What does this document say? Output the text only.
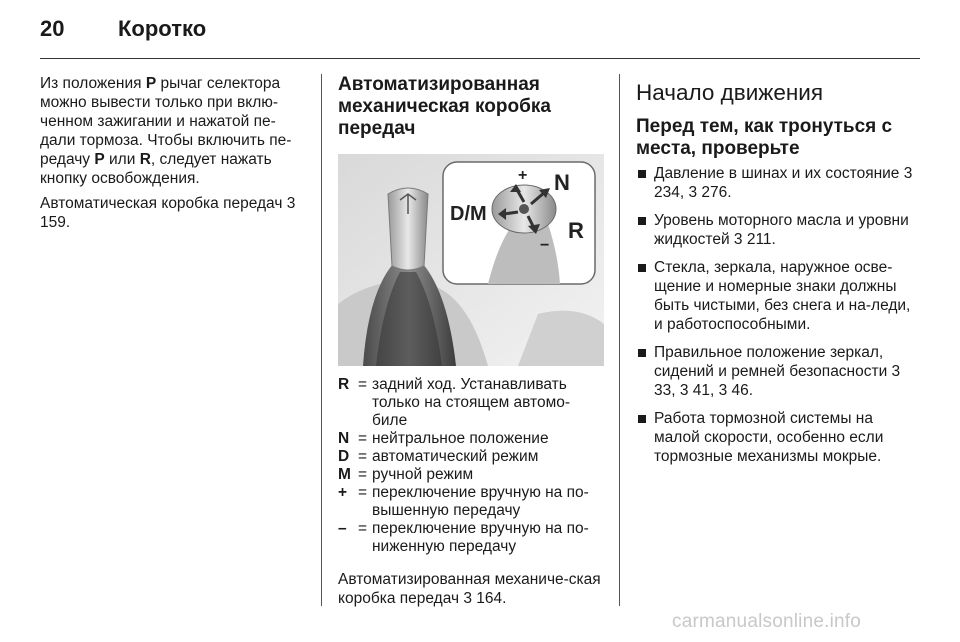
20 Коротко

Из положения P рычаг селектора можно вывести только при вклю-ченном зажигании и нажатой пе-дали тормоза. Чтобы включить пе-редачу P или R, следует нажать кнопку освобождения.

Автоматическая коробка передач 3 159.

Автоматизированная механическая коробка передач
+ N
D/M
R
−
R = задний ход. Устанавливать только на стоящем автомо-биле
N = нейтральное положение
D = автоматический режим
M = ручной режим
+ = переключение вручную на по-вышенную передачу
– = переключение вручную на по-ниженную передачу

Автоматизированная механиче-ская коробка передач 3 164.

Начало движения
Перед тем, как тронуться с места, проверьте
Давление в шинах и их состояние 3 234, 3 276.
Уровень моторного масла и уровни жидкостей 3 211.
Стекла, зеркала, наружное осве-щение и номерные знаки должны быть чистыми, без снега и на-леди, и работоспособными.
Правильное положение зеркал, сидений и ремней безопасности 3 33, 3 41, 3 46.
Работа тормозной системы на малой скорости, особенно если тормозные механизмы мокрые.
carmanualsonline.info
